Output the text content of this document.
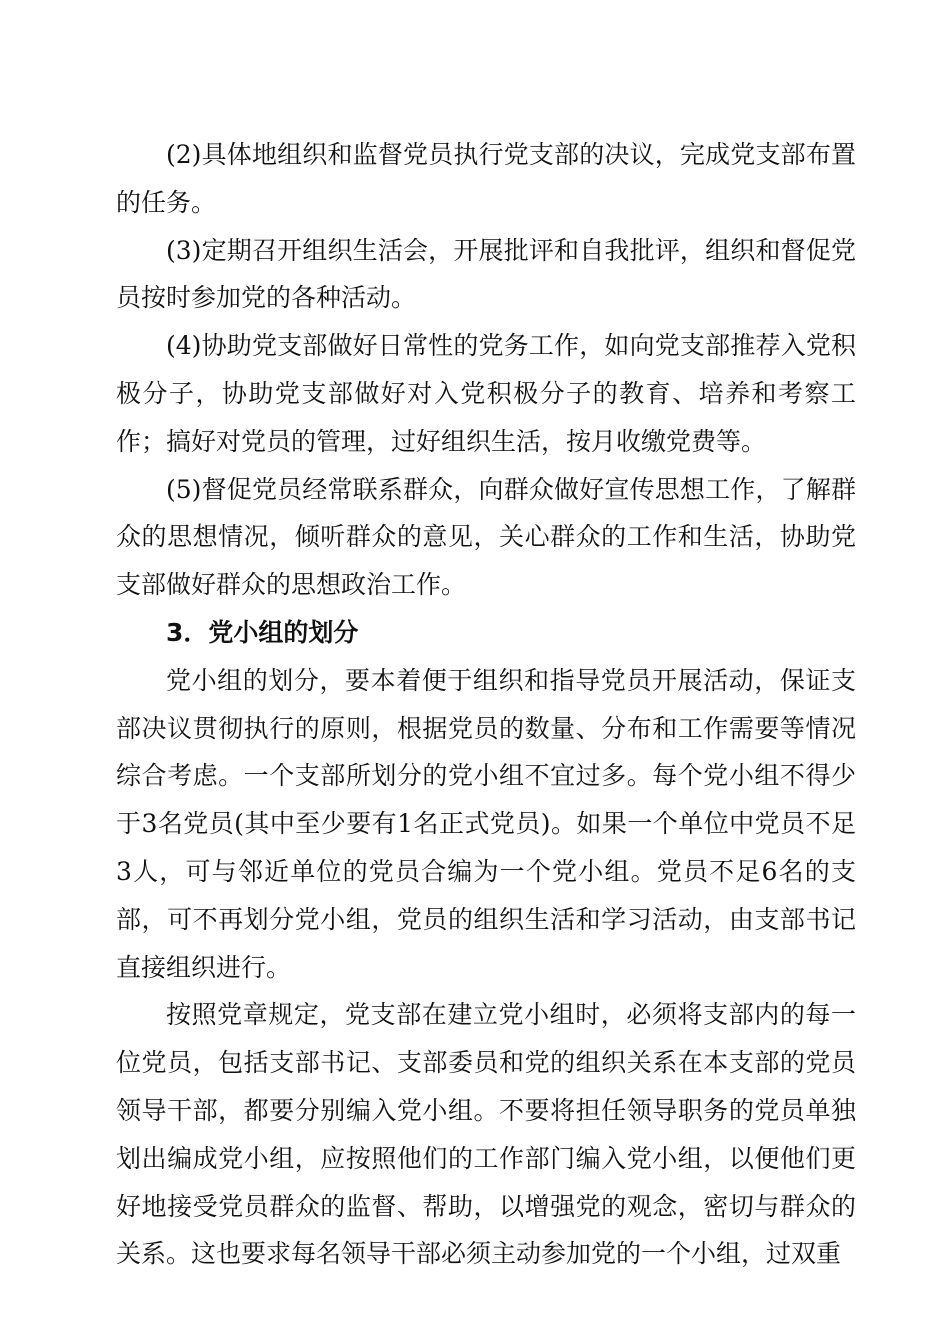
(2)具体地组织和监督党员执行党支部的决议，完成党支部布置的任务。

(3)定期召开组织生活会，开展批评和自我批评，组织和督促党员按时参加党的各种活动。

(4)协助党支部做好日常性的党务工作，如向党支部推荐入党积极分子，协助党支部做好对入党积极分子的教育、培养和考察工作；搞好对党员的管理，过好组织生活，按月收缴党费等。

(5)督促党员经常联系群众，向群众做好宣传思想工作，了解群众的思想情况，倾听群众的意见，关心群众的工作和生活，协助党支部做好群众的思想政治工作。

3．党小组的划分

党小组的划分，要本着便于组织和指导党员开展活动，保证支部决议贯彻执行的原则，根据党员的数量、分布和工作需要等情况综合考虑。一个支部所划分的党小组不宜过多。每个党小组不得少于3名党员(其中至少要有1名正式党员)。如果一个单位中党员不足3人，可与邻近单位的党员合编为一个党小组。党员不足6名的支部，可不再划分党小组，党员的组织生活和学习活动，由支部书记直接组织进行。

按照党章规定，党支部在建立党小组时，必须将支部内的每一位党员，包括支部书记、支部委员和党的组织关系在本支部的党员领导干部，都要分别编入党小组。不要将担任领导职务的党员单独划出编成党小组，应按照他们的工作部门编入党小组，以便他们更好地接受党员群众的监督、帮助，以增强党的观念，密切与群众的关系。这也要求每名领导干部必须主动参加党的一个小组，过双重
